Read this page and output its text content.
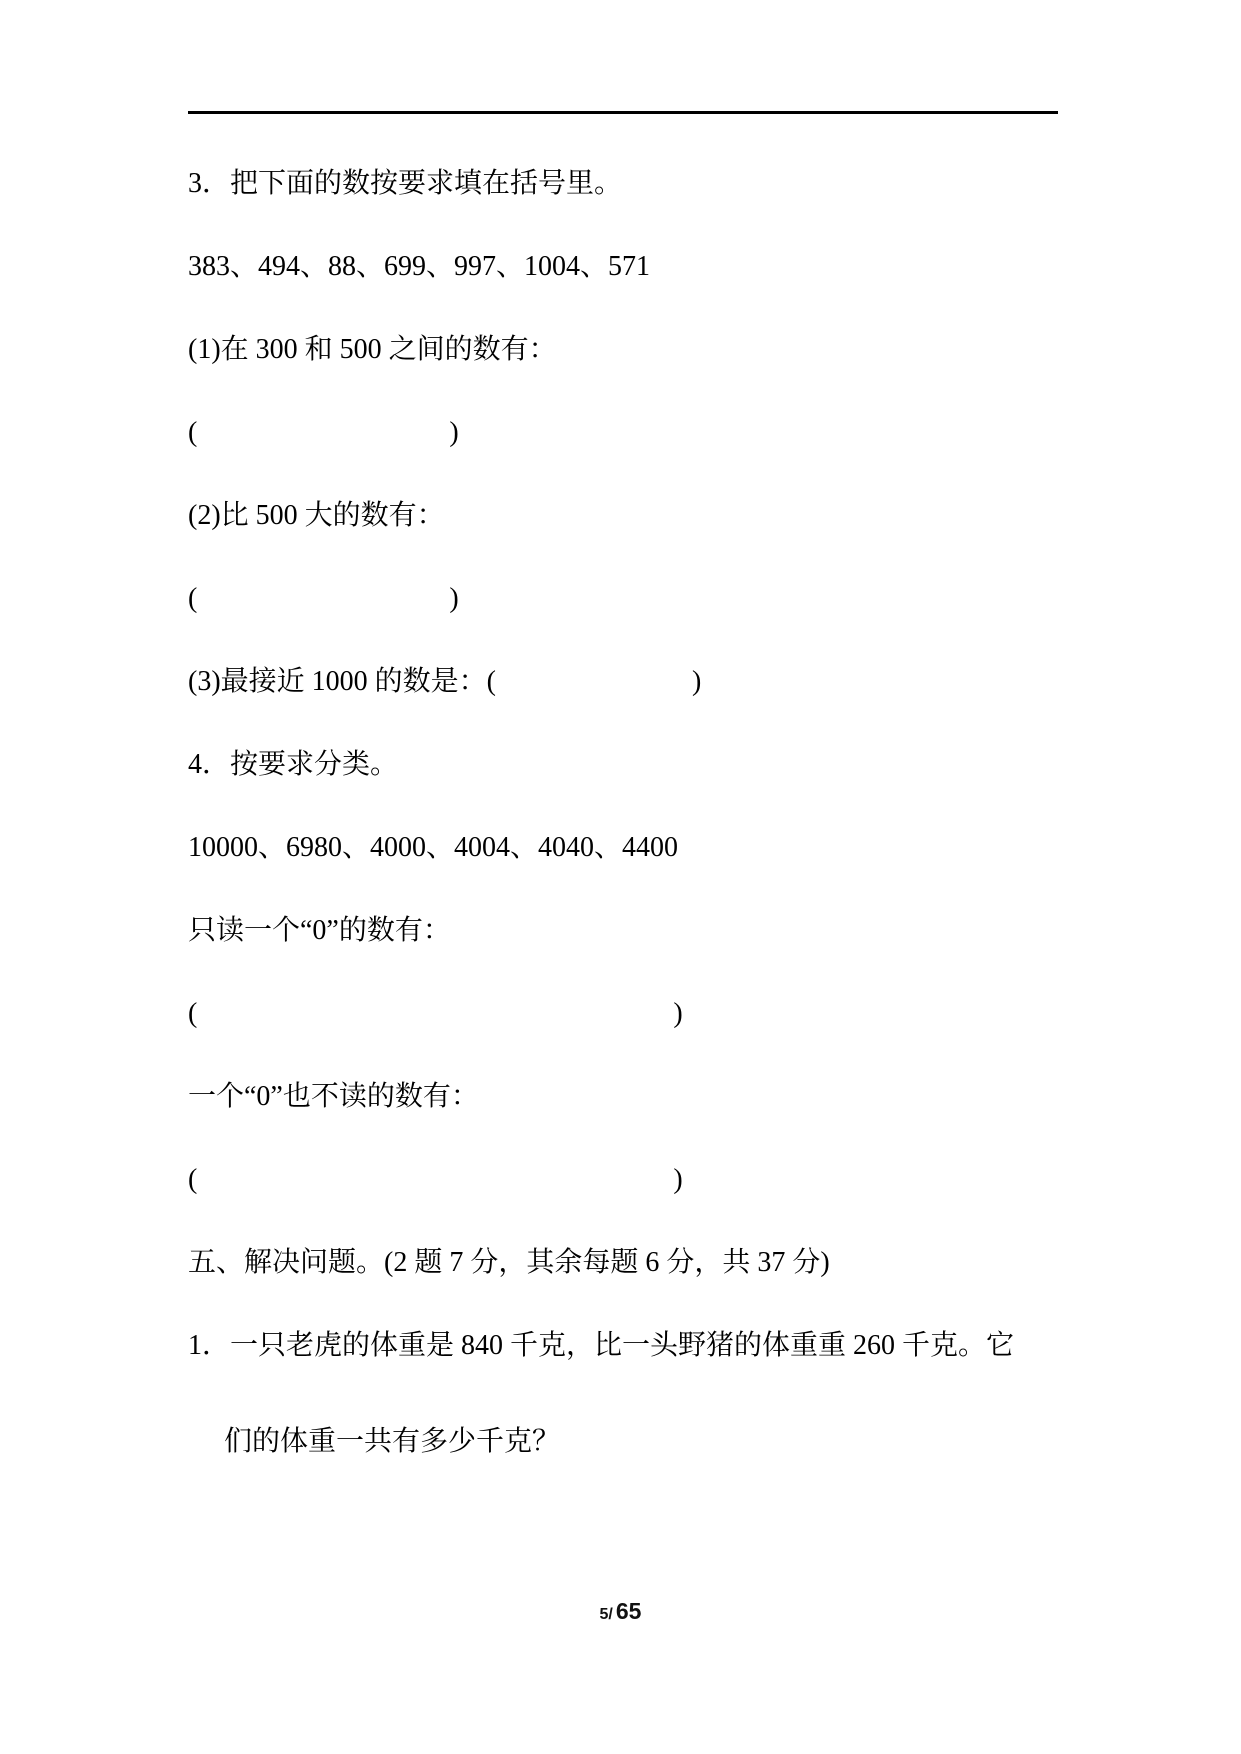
3．把下面的数按要求填在括号里。
383、494、88、699、997、1004、571
(1)在 300 和 500 之间的数有：
(         )
(2)比 500 大的数有：
(         )
(3)最接近 1000 的数是：(       )
4．按要求分类。
10000、6980、4000、4004、4040、4400
只读一个“0”的数有：
(                 )
一个“0”也不读的数有：
(                 )
五、解决问题。(2 题 7 分，其余每题 6 分，共 37 分)
1．一只老虎的体重是 840 千克，比一头野猪的体重重 260 千克。它
们的体重一共有多少千克？
5/ 65
